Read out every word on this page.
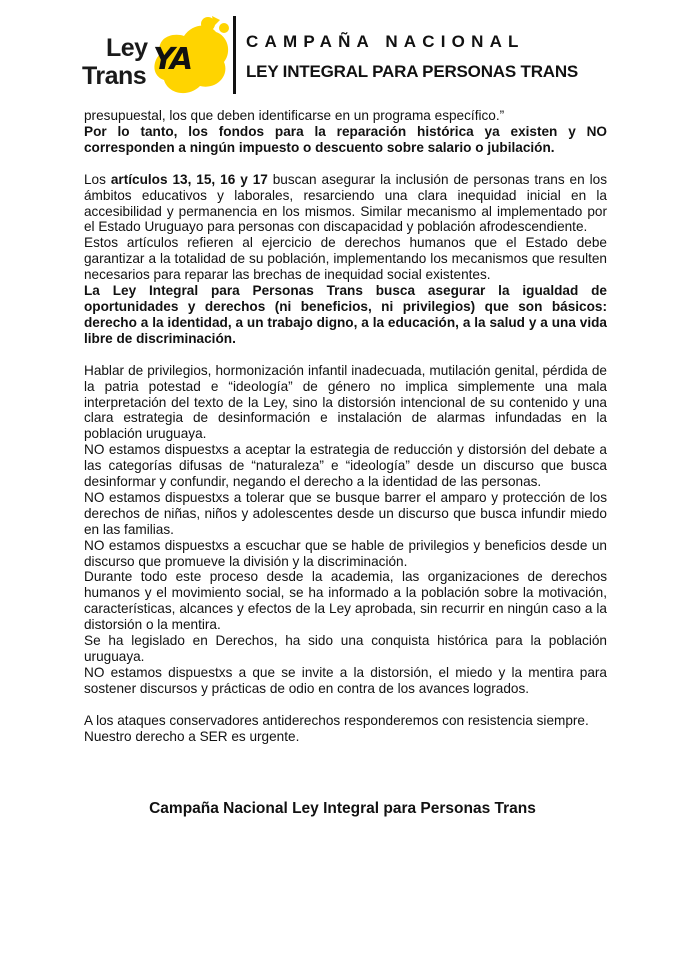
Ley
Trans YA
CAMPAÑA NACIONAL
LEY INTEGRAL PARA PERSONAS TRANS

presupuestal, los que deben identificarse en un programa específico.”

Por lo tanto, los fondos para la reparación histórica ya existen y NO corresponden a ningún impuesto o descuento sobre salario o jubilación.

Los artículos 13, 15, 16 y 17 buscan asegurar la inclusión de personas trans en los ámbitos educativos y laborales, resarciendo una clara inequidad inicial en la accesibilidad y permanencia en los mismos. Similar mecanismo al implementado por el Estado Uruguayo para personas con discapacidad y población afrodescendiente.

Estos artículos refieren al ejercicio de derechos humanos que el Estado debe garantizar a la totalidad de su población, implementando los mecanismos que resulten necesarios para reparar las brechas de inequidad social existentes.

La Ley Integral para Personas Trans busca asegurar la igualdad de oportunidades y derechos (ni beneficios, ni privilegios) que son básicos: derecho a la identidad, a un trabajo digno, a la educación, a la salud y a una vida libre de discriminación.

Hablar de privilegios, hormonización infantil inadecuada, mutilación genital, pérdida de la patria potestad e “ideología” de género no implica simplemente una mala interpretación del texto de la Ley, sino la distorsión intencional de su contenido y una clara estrategia de desinformación e instalación de alarmas infundadas en la población uruguaya.

NO estamos dispuestxs a aceptar la estrategia de reducción y distorsión del debate a las categorías difusas de “naturaleza” e “ideología” desde un discurso que busca desinformar y confundir, negando el derecho a la identidad de las personas.

NO estamos dispuestxs a tolerar que se busque barrer el amparo y protección de los derechos de niñas, niños y adolescentes desde un discurso que busca infundir miedo en las familias.

NO estamos dispuestxs a escuchar que se hable de privilegios y beneficios desde un discurso que promueve la división y la discriminación.

Durante todo este proceso desde la academia, las organizaciones de derechos humanos y el movimiento social, se ha informado a la población sobre la motivación, características, alcances y efectos de la Ley aprobada, sin recurrir en ningún caso a la distorsión o la mentira.

Se ha legislado en Derechos, ha sido una conquista histórica para la población uruguaya.

NO estamos dispuestxs a que se invite a la distorsión, el miedo y la mentira para sostener discursos y prácticas de odio en contra de los avances logrados.

A los ataques conservadores antiderechos responderemos con resistencia siempre.

Nuestro derecho a SER es urgente.

Campaña Nacional Ley Integral para Personas Trans
